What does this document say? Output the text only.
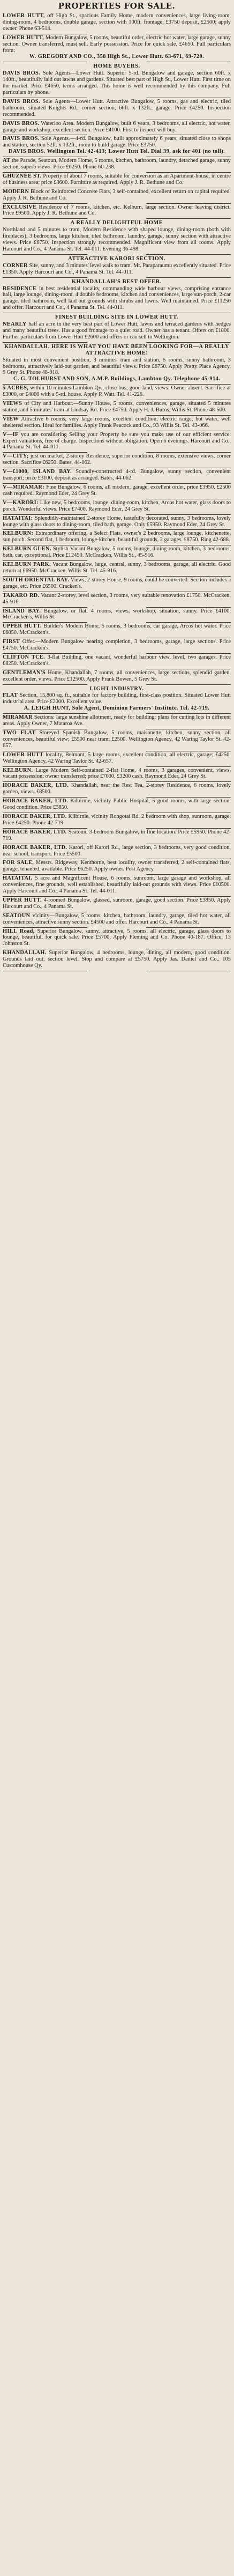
PROPERTIES FOR SALE.
LOWER HUTT, off High St., spacious Family Home, modern conveniences, large living-room, dining-room, 4 bedrooms, double garage, section with 100ft. frontage; £3750 deposit, £2500; apply owner. Phone 63-514.
LOWER HUTT, Modern Bungalow, 5 rooms, beautiful order, electric hot water, large garage, sunny section. Owner transferred, must sell. Early possession. Price for quick sale, £4650. Full particulars from:
W. GREGORY AND CO., 358 High St., Lower Hutt. 63-671, 69-720.
HOME BUYERS.
DAVIS BROS. Sole Agents—Lower Hutt. Superior 5-rd. Bungalow and garage, section 60ft. x 140ft., beautifully laid out lawns and gardens. Situated best part of High St., Lower Hutt. First time on the market. Price £4650, terms arranged. This home is well recommended by this company. Full particulars by phone.
DAVIS BROS. Sole Agents—Lower Hutt. Attractive Bungalow, 5 rooms, gas and electric, tiled bathroom, situated Knights Rd., corner section, 66ft. x 132ft., garage. Price £4250. Inspection recommended.
DAVIS BROS. Waterloo Area. Modern Bungalow, built 6 years, 3 bedrooms, all electric, hot water, garage and workshop, excellent section. Price £4100. First to inspect will buy.
DAVIS BROS. Sole Agents.—4-rd. Bungalow, built approximately 6 years, situated close to shops and station, section 52ft. x 132ft., room to build garage. Price £3750.
DAVIS BROS. Wellington Tel. 42-413; Lower Hutt Tel. Dial 39, ask for 401 (no toll).
AT the Parade, Seatoun, Modern Home, 5 rooms, kitchen, bathroom, laundry, detached garage, sunny section, superb views. Price £6250. Phone 60-238.
GHUZNEE ST. Property of about 7 rooms, suitable for conversion as an Apartment-house, in centre of business area; price £3600. Furniture as required. Apply J. R. Bethune and Co.
MODERN Block of Reinforced Concrete Flats, 3 self-contained, excellent return on capital required. Apply J. R. Bethune and Co.
EXCLUSIVE Residence of 7 rooms, kitchen, etc. Kelburn, large section. Owner leaving district. Price £9500. Apply J. R. Bethune and Co.
A REALLY DELIGHTFUL HOME
Northland and 5 minutes to tram, Modern Residence with shaped lounge, dining-room (both with fireplaces), 3 bedrooms, large kitchen, tiled bathroom, laundry, garage, sunny section with attractive views. Price £6750. Inspection strongly recommended. Magnificent view from all rooms. Apply Harcourt and Co., 4 Panama St. Tel. 44-011. Evening 36-498.
ATTRACTIVE KARORI SECTION.
CORNER Site, sunny, and 3 minutes' level walk to tram. Mt. Paraparaumu excellently situated. Price £1350. Apply Harcourt and Co., 4 Panama St. Tel. 44-011.
KHANDALLAH'S BEST OFFER.
RESIDENCE in best residential locality, commanding wide harbour views, comprising entrance hall, large lounge, dining-room, 4 double bedrooms, kitchen and conveniences, large sun-porch, 2-car garage, tiled bathroom, well laid out grounds with shrubs and lawns. Well maintained. Price £11250 and offer. Harcourt and Co., 4 Panama St. Tel. 44-011.
FINEST BUILDING SITE IN LOWER HUTT.
NEARLY half an acre in the very best part of Lower Hutt, lawns and terraced gardens with hedges and many beautiful trees. Has a good frontage to a quiet road. Owner has a tenant. Offers on £1800. Further particulars from Lower Hutt £2600 and offers or can sell to Wellington.
KHANDALLAH. HERE IS WHAT YOU HAVE BEEN LOOKING FOR—A REALLY ATTRACTIVE HOME!
Situated in most convenient position, 3 minutes' tram and station, 5 rooms, sunny bathroom, 3 bedrooms, attractively laid-out garden, and beautiful views. Price £6750. Apply Pretty Place Agency, 9 Grey St. Phone 48-918.
C. G. TOLHURST AND SON, A.M.P. Buildings, Lambton Qy. Telephone 45-914.
5 ACRES, within 10 minutes Lambton Qy., close bus, good land, views. Owner absent. Sacrifice at £3000, or £4000 with a 5-rd. house. Apply P. Watt. Tel. 41-226.
VIEWS of City and Harbour.—Sunny House, 5 rooms, conveniences, garage, situated 5 minutes station, and 5 minutes' tram at Lindsay Rd. Price £4750. Apply H. J. Burns, Willis St. Phone 48-500.
VIEW Attractive 6 rooms, very large rooms, excellent condition, electric range, hot water, well sheltered section. Ideal for families. Apply Frank Peacock and Co., 93 Willis St. Tel. 43-066.
V—IF you are considering Selling your Property be sure you make use of our efficient service. Expert valuations, free of charge. Inspections without obligation. Open 6 evenings. Harcourt and Co., 4 Panama St. Tel. 44-011.
V—CITY; just on market, 2-storey Residence, superior condition, 8 rooms, extensive views, corner section. Sacrifice £6250. Bates, 44-062.
V—£1000, ISLAND BAY. Soundly-constructed 4-rd. Bungalow, sunny section, convenient transport; price £3100, deposit as arranged. Bates, 44-062.
V—MIRAMAR: Fine Bungalow, 6 rooms, all modern, garage, excellent order, price £3950, £2500 cash required. Raymond Eder, 24 Grey St.
V—KARORI: Like new, 5 bedrooms, lounge, dining-room, kitchen, Arcos hot water, glass doors to porch. Wonderful views. Price £7400. Raymond Eder, 24 Grey St.
HATAITAI: Splendidly-maintained 2-storey Home, tastefully decorated, sunny, 3 bedrooms, lovely lounge with glass doors to dining-room, tiled bath, garage. Only £5950. Raymond Eder, 24 Grey St.
KELBURN: Extraordinary offering, a Select Flats, owner's 2 bedrooms, large lounge, kitchenette, sun porch. Second flat, 1 bedroom, lounge-kitchen, beautiful grounds, 2 garages. £8750. Ring 42-688.
KELBURN GLEN. Stylish Vacant Bungalow, 5 rooms, lounge, dining-room, kitchen, 3 bedrooms, bath, car, exceptional. Price £12450. McCracken, Willis St., 45-916.
KELBURN PARK. Vacant Bungalow, large, central, sunny, 3 bedrooms, garage, all electric. Good return at £6950. McCracken, Willis St. Tel. 45-916.
SOUTH ORIENTAL BAY. Views, 2-storey House, 9 rooms, could be converted. Section includes a garage, etc. Price £6500. Cracken's.
TAKARO RD. Vacant 2-storey, level section, 3 rooms, very suitable renovation £1750. McCracken, 45-916.
ISLAND BAY. Bungalow, or flat, 4 rooms, views, workshop, situation, sunny. Price £4100. McCracken's, Willis St.
UPPER HUTT. Builder's Modern Home, 5 rooms, 3 bedrooms, car garage, Arcos hot water. Price £6850. McCracken's.
FIRST Offer.—Modern Bungalow nearing completion, 3 bedrooms, garage, large sections. Price £4750. McCracken's.
CLIFTON TCE. 3-flat Building, one vacant, wonderful harbour view, level, two garages. Price £8250. McCracken's.
GENTLEMAN'S Home, Khandallah, 7 rooms, all conveniences, large sections, splendid garden, excellent order, views. Price £12500. Apply Frank Bowen, 5 Grey St.
LIGHT INDUSTRY.
FLAT Section, 15,800 sq. ft., suitable for factory building, first-class position. Situated Lower Hutt industrial area. Price £2000. Excellent value.
A. LEIGH HUNT, Sole Agent, Dominion Farmers' Institute. Tel. 42-719.
MIRAMAR Sections: large sunshine allotment, ready for building: plans for cutting lots in different areas. Apply Owner, 7 Mataroa Ave.
TWO FLAT Storeyed Spanish Bungalow, 5 rooms, maisonette, kitchen, sunny section, all conveniences, beautiful view; £5500 near tram; £2500. Wellington Agency, 42 Waring Taylor St. 42-657.
LOWER HUTT locality, Belmont, 5 large rooms, excellent condition, all electric, garage; £4250. Wellington Agency, 42 Waring Taylor St. 42-657.
KELBURN. Large Modern Self-contained 2-flat Home, 4 rooms, 3 garages, convenient, views, vacant possession; owner transferred; price £7000, £3200 cash. Raymond Eder, 24 Grey St.
HORACE BAKER, LTD. Khandallah, near the Rest Tea, 2-storey Residence, 6 rooms, lovely garden, views. £8500.
HORACE BAKER, LTD. Kilbirnie, vicinity Public Hospital, 5 good rooms, with large section. Good condition. Price £3850.
HORACE BAKER, LTD. Kilbirnie, vicinity Rongotai Rd. 2 bedroom with shop, sunroom, garage. Price £4250. Phone 42-719.
HORACE BAKER, LTD. Seatoun, 3-bedroom Bungalow, in fine location. Price £5950. Phone 42-719.
HORACE BAKER, LTD. Karori, off Karori Rd., large section, 3 bedrooms, very good condition, near school, transport. Price £5500.
FOR SALE, Messrs. Ridgeway, Kenthorne, best locality, owner transferred, 2 self-contained flats, garage, tenanted, available. Price £6250. Apply owner. Post Agency.
HATAITAI. 5 acre and Magnificent House, 6 rooms, sunroom, large garage and workshop, all conveniences, fine grounds, well established, beautifully laid-out grounds with views. Price £10500. Apply Harcourt and Co., 4 Panama St. Tel. 44-011.
UPPER HUTT. 4-roomed Bungalow, glassed, sunroom, garage, good section. Price £3850. Apply Harcourt and Co., 4 Panama St.
SEATOUN vicinity—Bungalow, 5 rooms, kitchen, bathroom, laundry, garage, tiled hot water, all conveniences, attractive sunny section. £4500 and offer. Harcourt and Co., 4 Panama St.
HILL Road, Superior Bungalow, sunny, attractive, 5 rooms, all electric, garage, glass doors to lounge, beautiful, for quick sale. Price £5700. Apply Fleming and Co. Phone 40-187. Office, 13 Johnston St.
KHANDALLAH. Superior Bungalow, 4 bedrooms, lounge, dining, all modern, good condition. Grounds laid out, section level. Stop and compare at £5750. Apply Jas. Daniel and Co., 105 Customhouse Qy.
